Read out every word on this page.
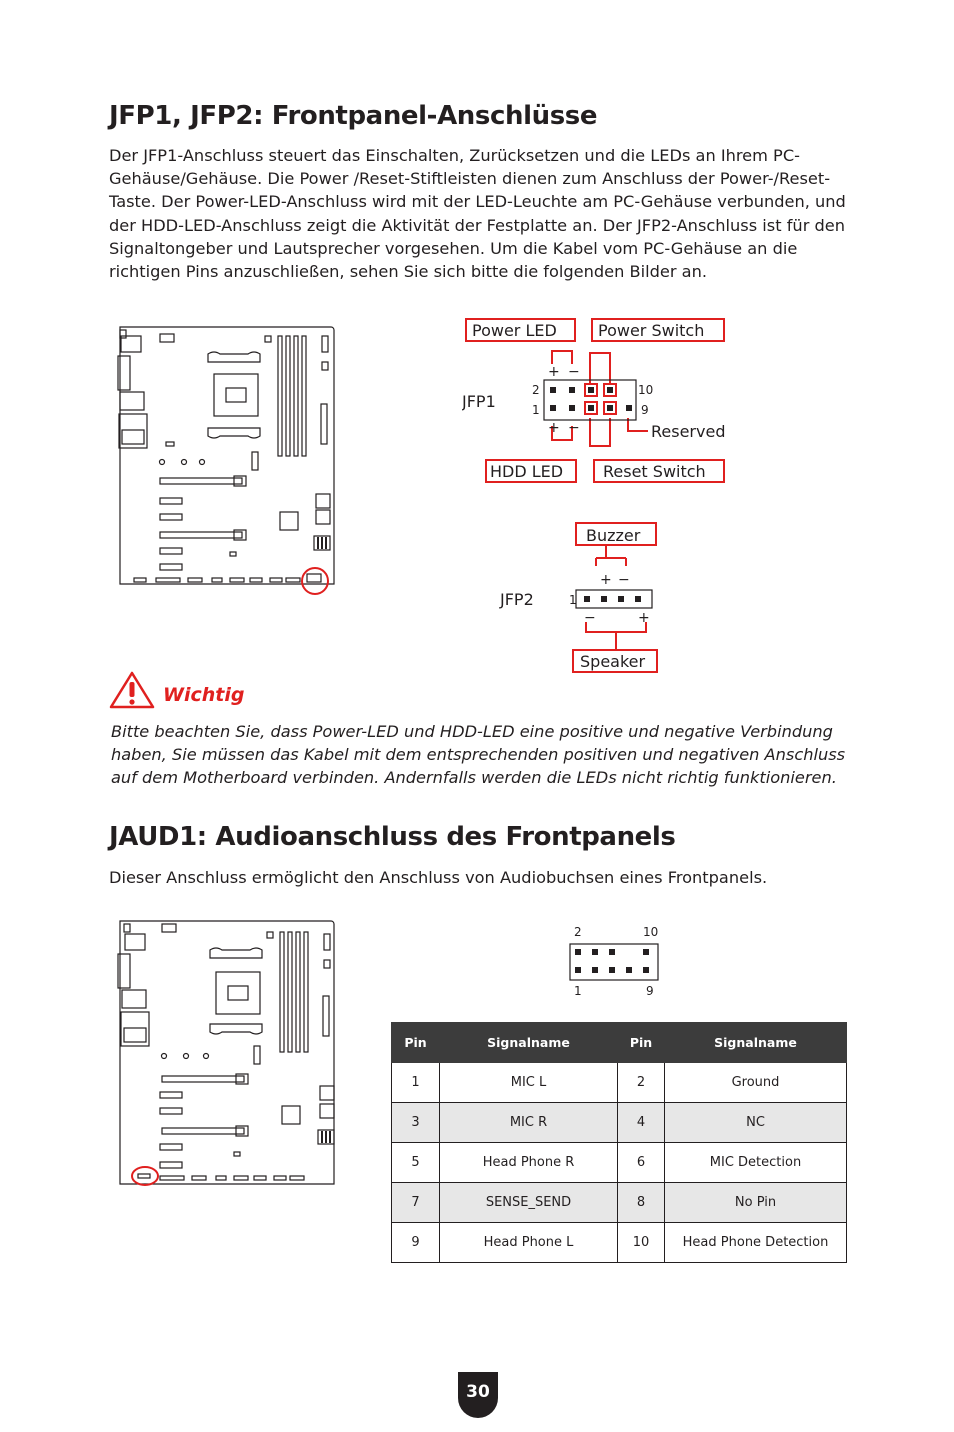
JFP1, JFP2: Frontpanel-Anschlüsse

Der JFP1-Anschluss steuert das Einschalten, Zurücksetzen und die LEDs an Ihrem PC-Gehäuse/Gehäuse. Die Power /Reset-Stiftleisten dienen zum Anschluss der Power-/Reset-Taste. Der Power-LED-Anschluss wird mit der LED-Leuchte am PC-Gehäuse verbunden, und der HDD-LED-Anschluss zeigt die Aktivität der Festplatte an. Der JFP2-Anschluss ist für den Signaltongeber und Lautsprecher vorgesehen. Um die Kabel vom PC-Gehäuse an die richtigen Pins anzuschließen, sehen Sie sich bitte die folgenden Bilder an.

Power LED	Power Switch
HDD LED Reset Switch
Reserved
JFP1
2
1
10
9
+ −
+ −
Buzzer
Speaker
JFP2	1
+ −
−	+
Wichtig

Bitte beachten Sie, dass Power-LED und HDD-LED eine positive und negative Verbindung haben, Sie müssen das Kabel mit dem entsprechenden positiven und negativen Anschluss auf dem Motherboard verbinden. Andernfalls werden die LEDs nicht richtig funktionieren.

JAUD1: Audioanschluss des Frontpanels

Dieser Anschluss ermöglicht den Anschluss von Audiobuchsen eines Frontpanels.

2	10
1	9
Pin	Signalname	Pin	Signalname
1	MIC L	2	Ground
3	MIC R	4	NC
5	Head Phone R	6	MIC Detection
7	SENSE_SEND	8	No Pin
9	Head Phone L	10	Head Phone Detection
30
